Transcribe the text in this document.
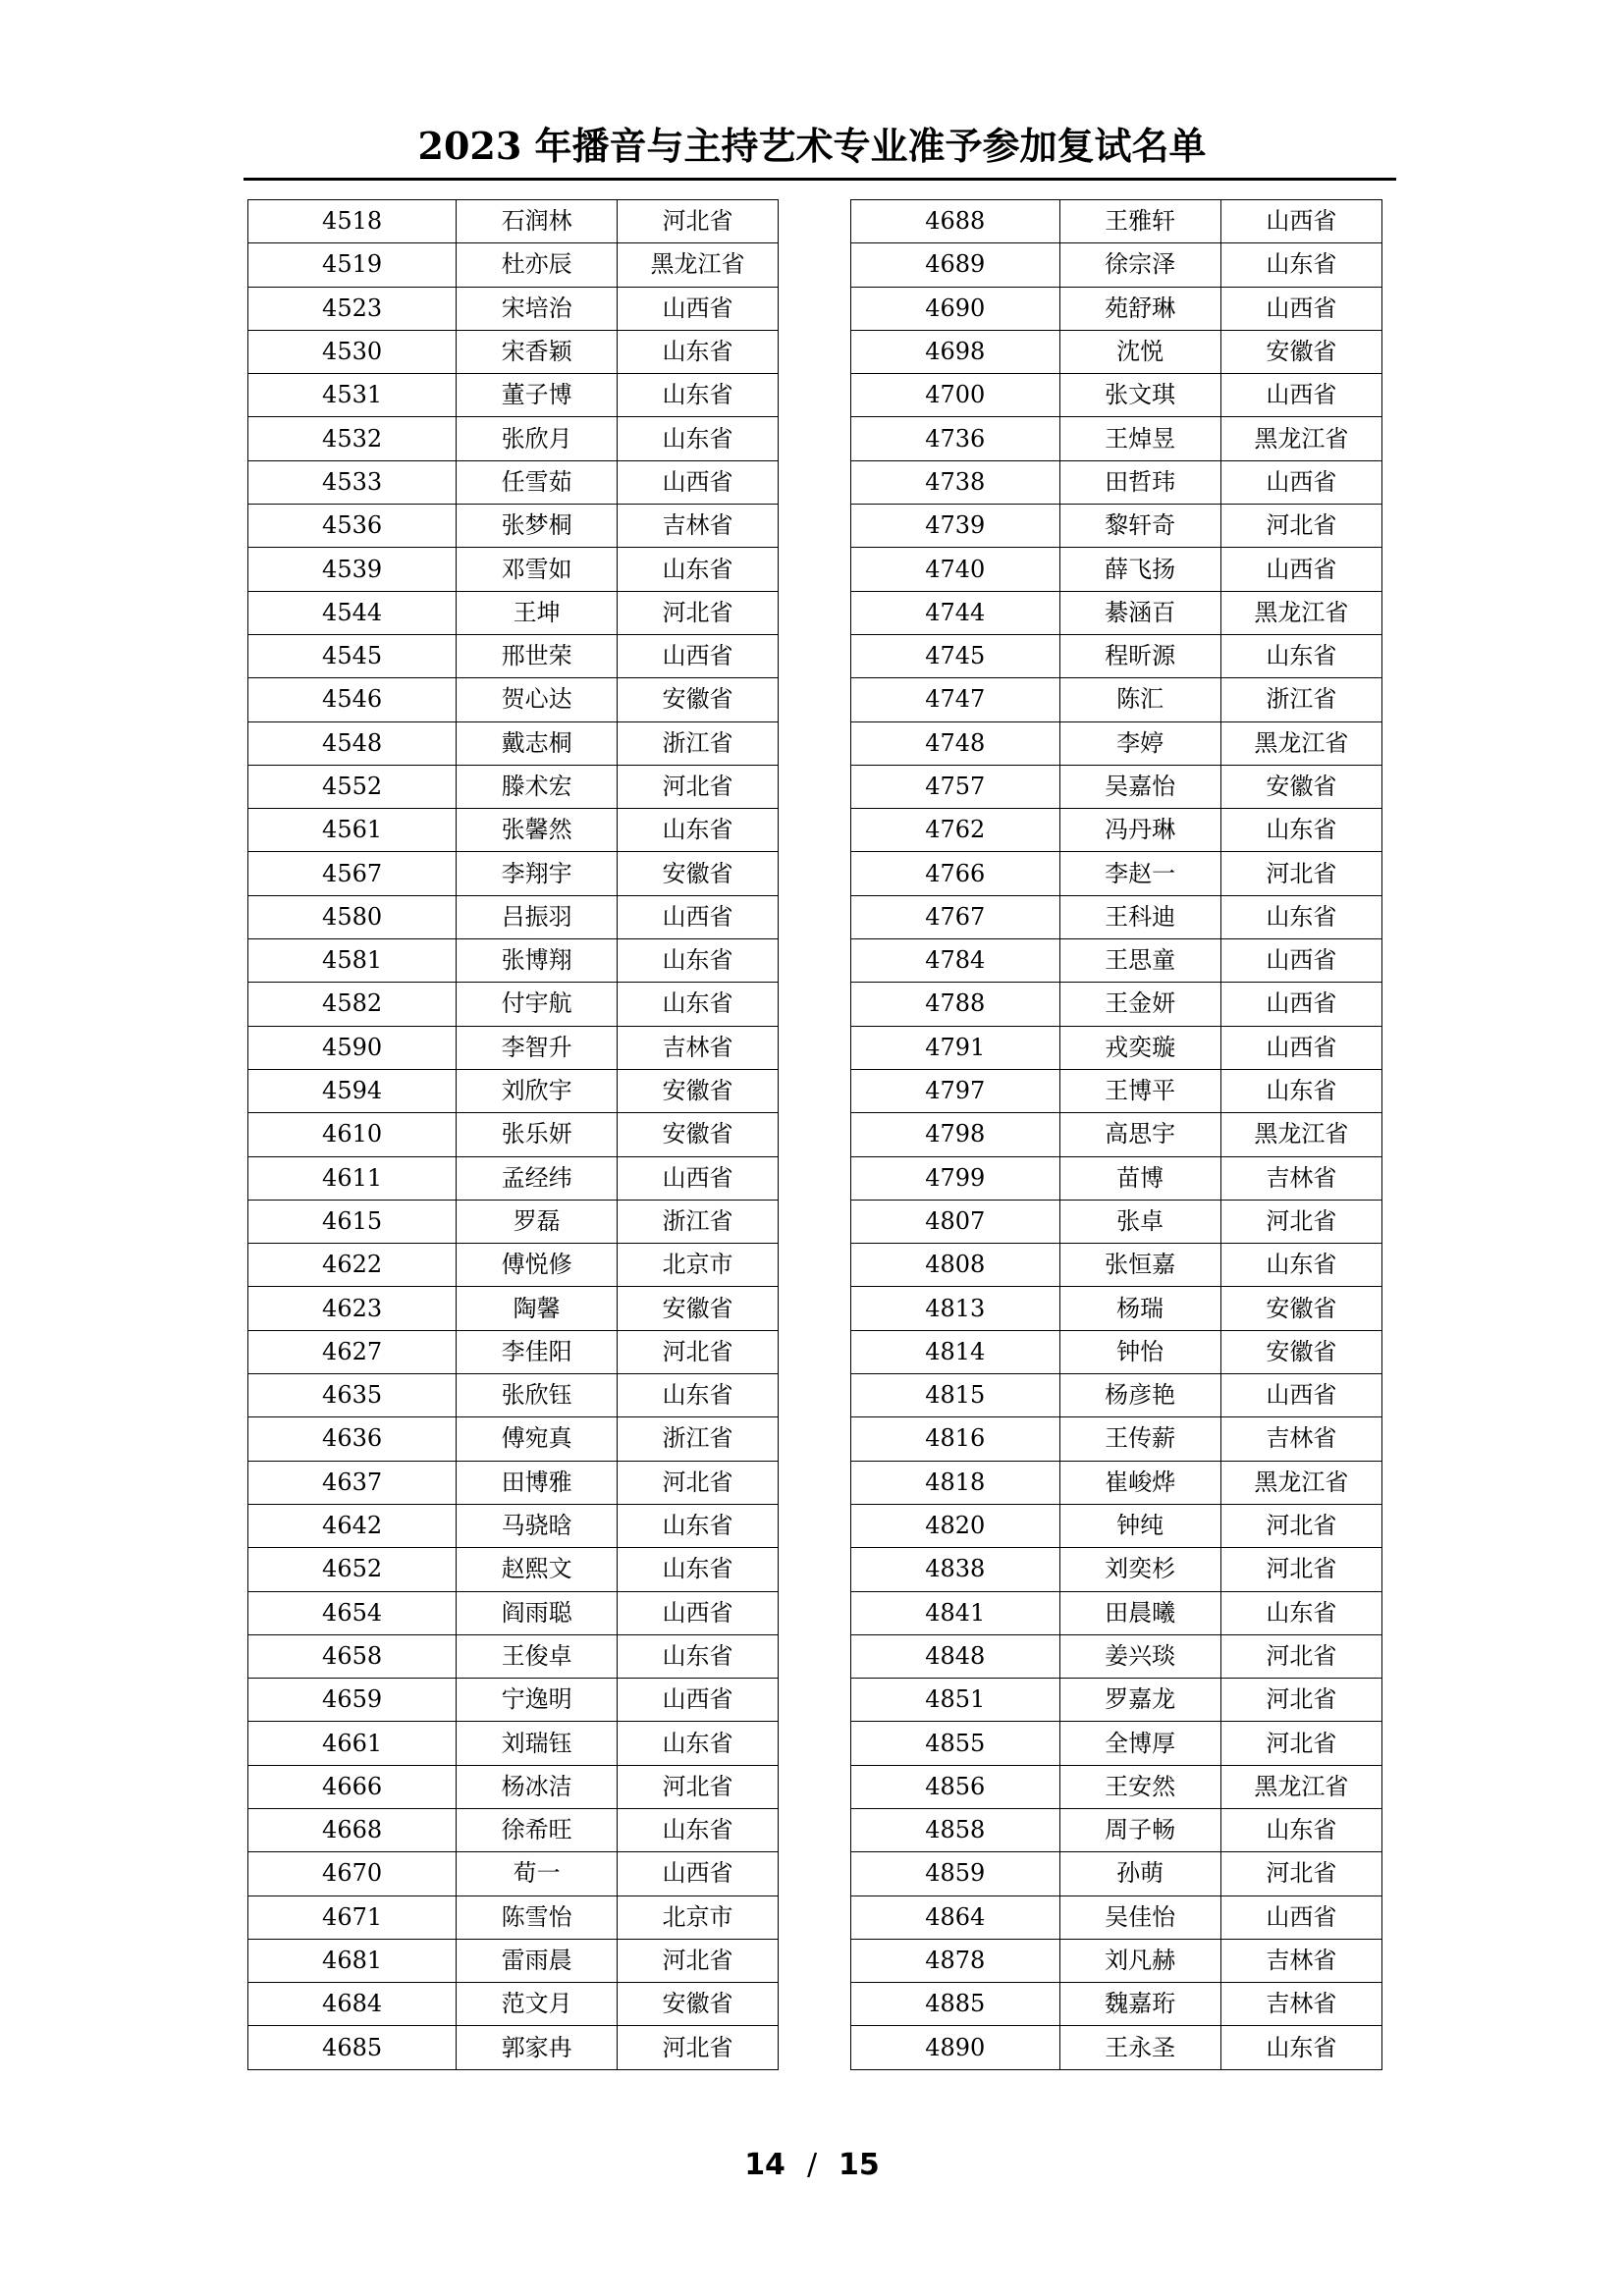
2023 年播音与主持艺术专业准予参加复试名单
4518	石润林	河北省
4519	杜亦辰	黑龙江省
4523	宋培治	山西省
4530	宋香颖	山东省
4531	董子博	山东省
4532	张欣月	山东省
4533	任雪茹	山西省
4536	张梦桐	吉林省
4539	邓雪如	山东省
4544	王坤	河北省
4545	邢世荣	山西省
4546	贺心达	安徽省
4548	戴志桐	浙江省
4552	滕术宏	河北省
4561	张馨然	山东省
4567	李翔宇	安徽省
4580	吕振羽	山西省
4581	张博翔	山东省
4582	付宇航	山东省
4590	李智升	吉林省
4594	刘欣宇	安徽省
4610	张乐妍	安徽省
4611	孟经纬	山西省
4615	罗磊	浙江省
4622	傅悦修	北京市
4623	陶馨	安徽省
4627	李佳阳	河北省
4635	张欣钰	山东省
4636	傅宛真	浙江省
4637	田博雅	河北省
4642	马骁晗	山东省
4652	赵熙文	山东省
4654	阎雨聪	山西省
4658	王俊卓	山东省
4659	宁逸明	山西省
4661	刘瑞钰	山东省
4666	杨冰洁	河北省
4668	徐希旺	山东省
4670	荀一	山西省
4671	陈雪怡	北京市
4681	雷雨晨	河北省
4684	范文月	安徽省
4685	郭家冉	河北省
4688	王雅轩	山西省
4689	徐宗泽	山东省
4690	苑舒琳	山西省
4698	沈悦	安徽省
4700	张文琪	山西省
4736	王焯昱	黑龙江省
4738	田哲玮	山西省
4739	黎轩奇	河北省
4740	薛飞扬	山西省
4744	綦涵百	黑龙江省
4745	程昕源	山东省
4747	陈汇	浙江省
4748	李婷	黑龙江省
4757	吴嘉怡	安徽省
4762	冯丹琳	山东省
4766	李赵一	河北省
4767	王科迪	山东省
4784	王思童	山西省
4788	王金妍	山西省
4791	戎奕璇	山西省
4797	王博平	山东省
4798	高思宇	黑龙江省
4799	苗博	吉林省
4807	张卓	河北省
4808	张恒嘉	山东省
4813	杨瑞	安徽省
4814	钟怡	安徽省
4815	杨彦艳	山西省
4816	王传薪	吉林省
4818	崔峻烨	黑龙江省
4820	钟纯	河北省
4838	刘奕杉	河北省
4841	田晨曦	山东省
4848	姜兴琰	河北省
4851	罗嘉龙	河北省
4855	全博厚	河北省
4856	王安然	黑龙江省
4858	周子畅	山东省
4859	孙萌	河北省
4864	吴佳怡	山西省
4878	刘凡赫	吉林省
4885	魏嘉珩	吉林省
4890	王永圣	山东省
14 / 15
